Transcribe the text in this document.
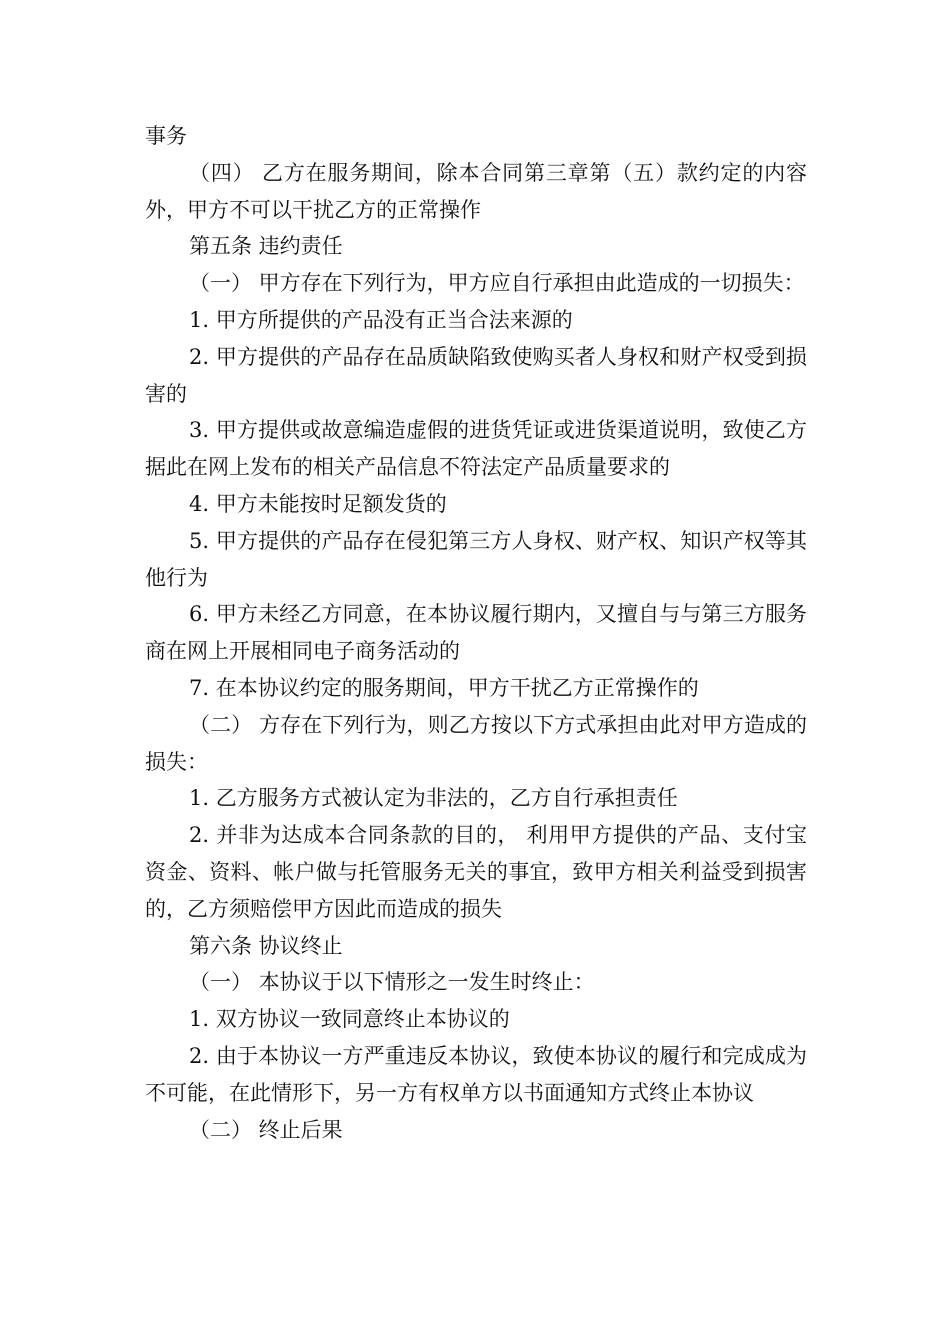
事务

（四） 乙方在服务期间，除本合同第三章第（五）款约定的内容外，甲方不可以干扰乙方的正常操作

第五条 违约责任

（一） 甲方存在下列行为，甲方应自行承担由此造成的一切损失：

1. 甲方所提供的产品没有正当合法来源的

2. 甲方提供的产品存在品质缺陷致使购买者人身权和财产权受到损害的

3. 甲方提供或故意编造虚假的进货凭证或进货渠道说明，致使乙方据此在网上发布的相关产品信息不符法定产品质量要求的

4. 甲方未能按时足额发货的

5. 甲方提供的产品存在侵犯第三方人身权、财产权、知识产权等其他行为

6. 甲方未经乙方同意，在本协议履行期内，又擅自与与第三方服务商在网上开展相同电子商务活动的

7. 在本协议约定的服务期间，甲方干扰乙方正常操作的

（二） 方存在下列行为，则乙方按以下方式承担由此对甲方造成的损失：

1. 乙方服务方式被认定为非法的，乙方自行承担责任

2. 并非为达成本合同条款的目的， 利用甲方提供的产品、支付宝资金、资料、帐户做与托管服务无关的事宜，致甲方相关利益受到损害的，乙方须赔偿甲方因此而造成的损失

第六条 协议终止

（一） 本协议于以下情形之一发生时终止：

1. 双方协议一致同意终止本协议的

2. 由于本协议一方严重违反本协议，致使本协议的履行和完成成为不可能，在此情形下，另一方有权单方以书面通知方式终止本协议

（二） 终止后果
